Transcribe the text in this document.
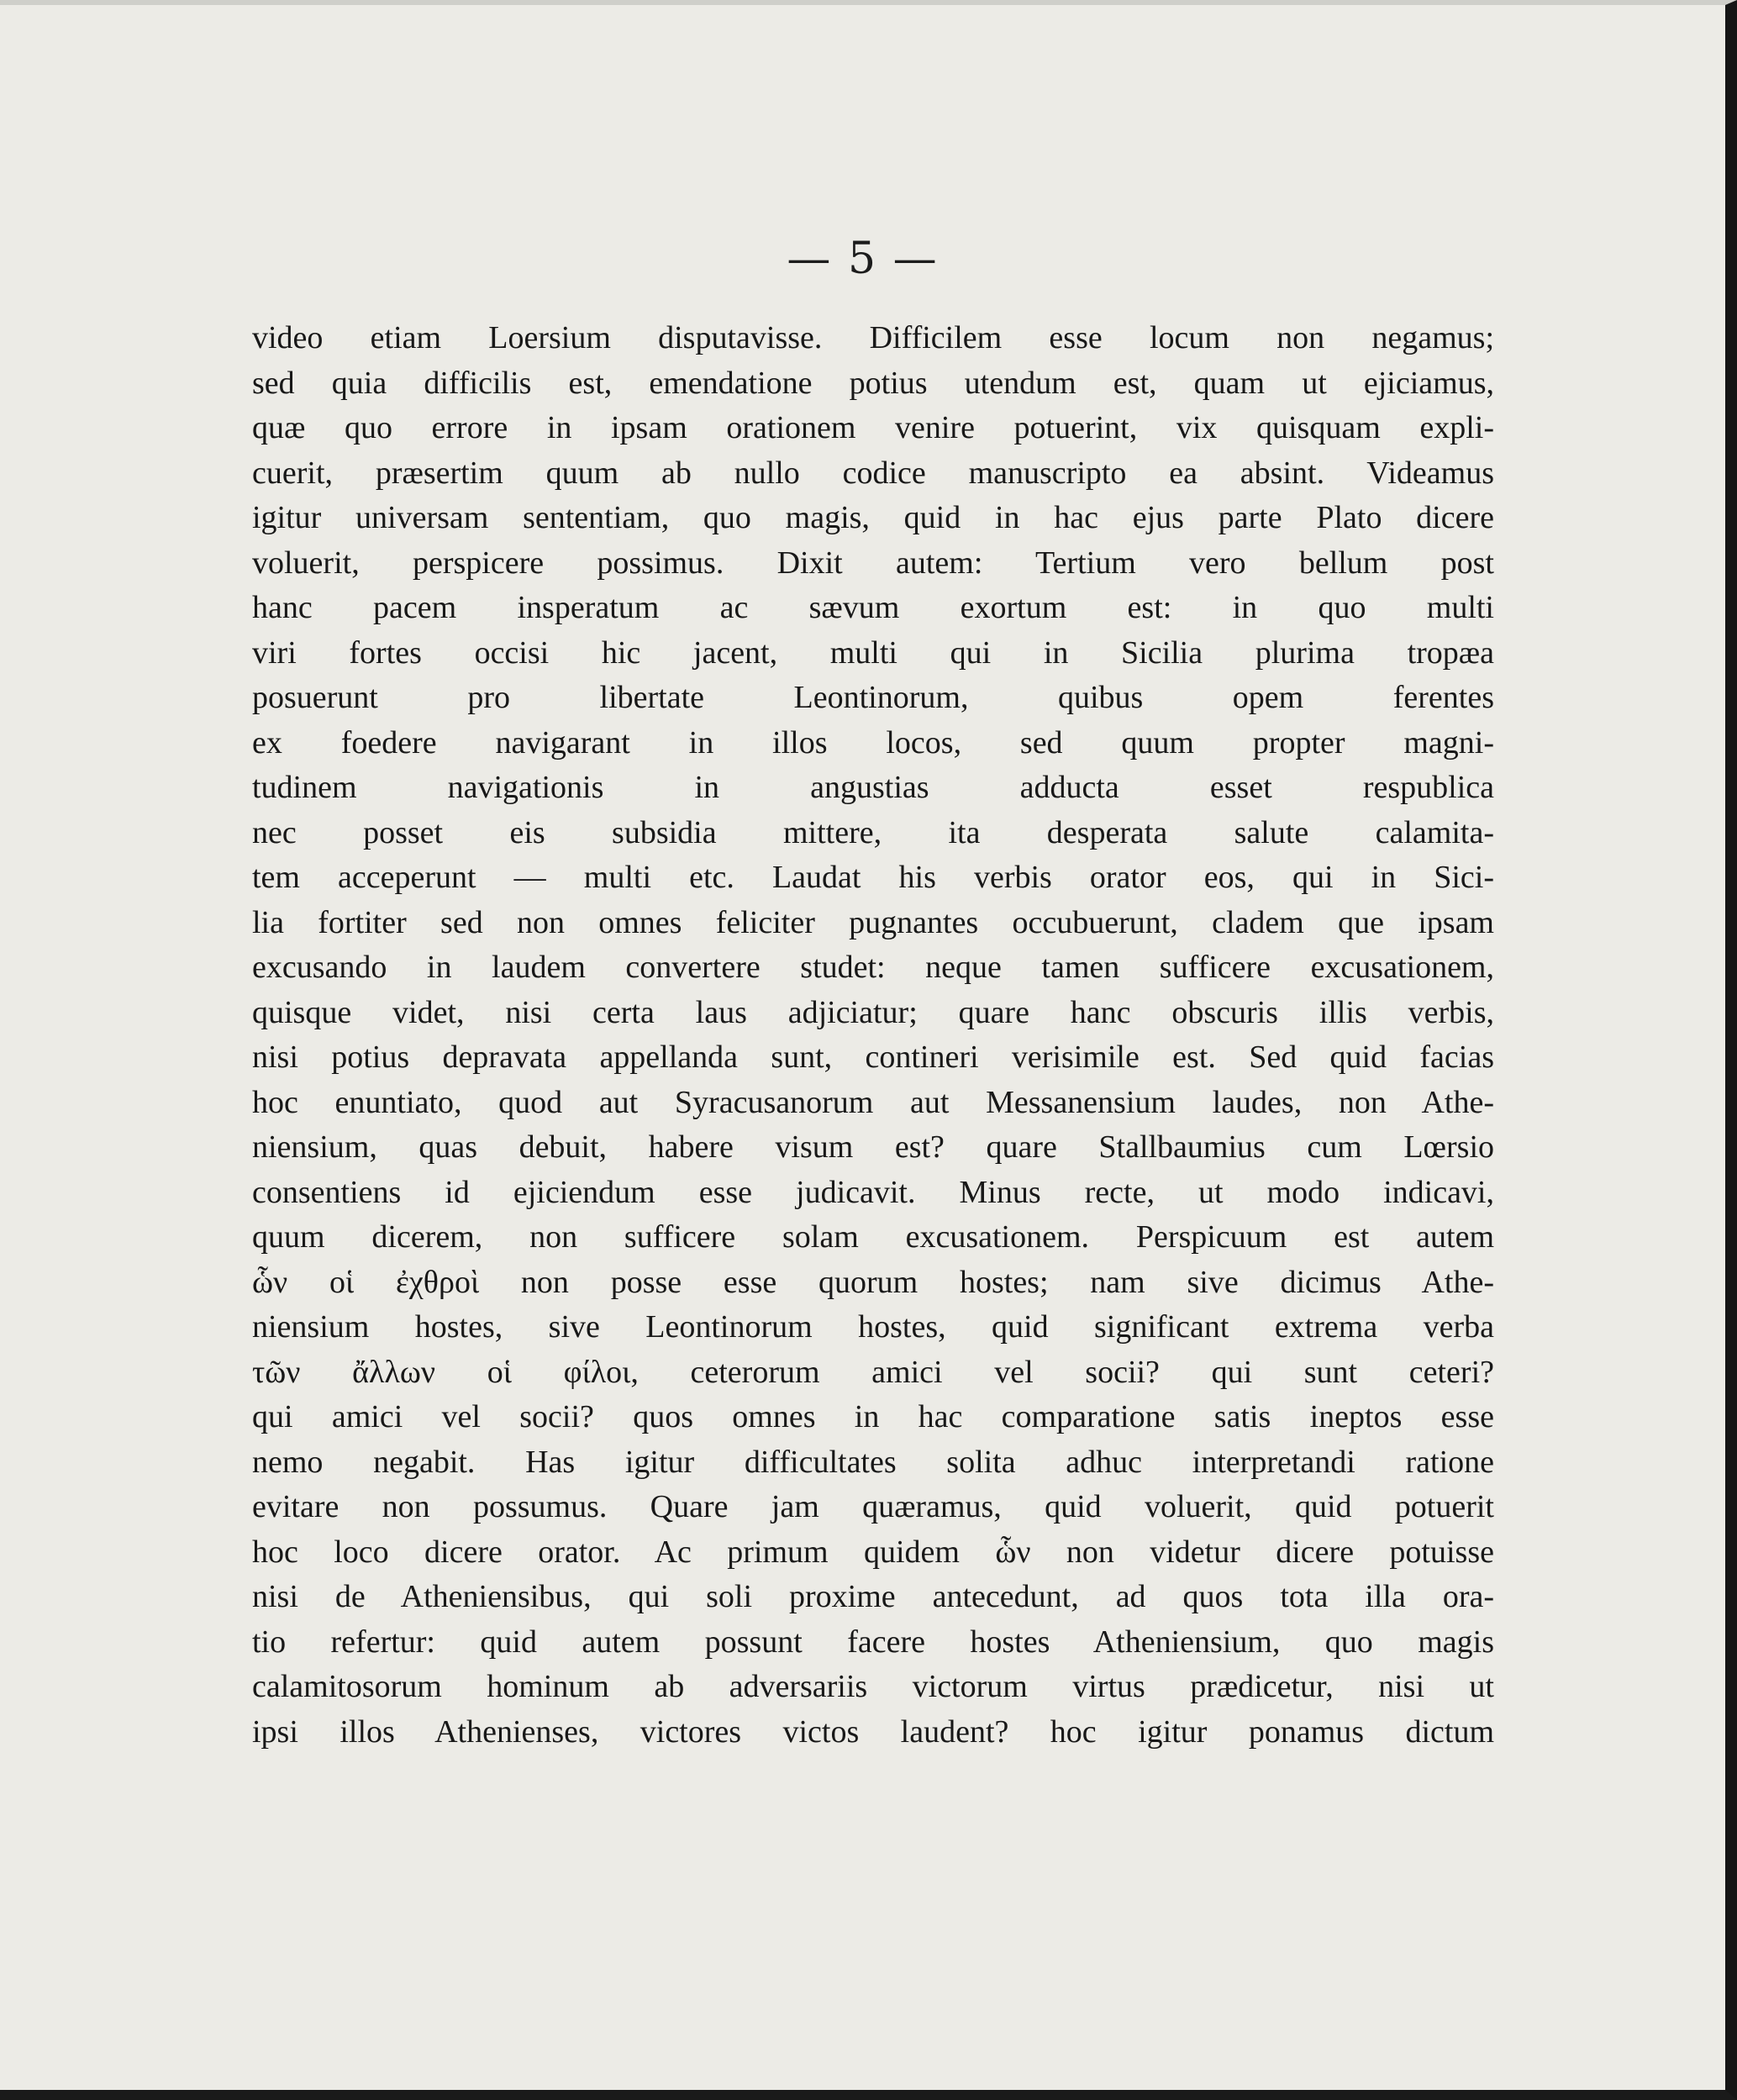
— 5 —
video etiam Loersium disputavisse. Difficilem esse locum non negamus;
sed quia difficilis est, emendatione potius utendum est, quam ut ejiciamus,
quæ quo errore in ipsam orationem venire potuerint, vix quisquam expli-
cuerit, præsertim quum ab nullo codice manuscripto ea absint. Videamus
igitur universam sententiam, quo magis, quid in hac ejus parte Plato dicere
voluerit, perspicere possimus. Dixit autem: Tertium vero bellum post
hanc pacem insperatum ac sævum exortum est: in quo multi
viri fortes occisi hic jacent, multi qui in Sicilia plurima tropæa
posuerunt pro libertate Leontinorum, quibus opem ferentes
ex foedere navigarant in illos locos, sed quum propter magni-
tudinem navigationis in angustias adducta esset respublica
nec posset eis subsidia mittere, ita desperata salute calamita-
tem acceperunt — multi etc. Laudat his verbis orator eos, qui in Sici-
lia fortiter sed non omnes feliciter pugnantes occubuerunt, cladem que ipsam
excusando in laudem convertere studet: neque tamen sufficere excusationem,
quisque videt, nisi certa laus adjiciatur; quare hanc obscuris illis verbis,
nisi potius depravata appellanda sunt, contineri verisimile est. Sed quid facias
hoc enuntiato, quod aut Syracusanorum aut Messanensium laudes, non Athe-
niensium, quas debuit, habere visum est? quare Stallbaumius cum Lœrsio
consentiens id ejiciendum esse judicavit. Minus recte, ut modo indicavi,
quum dicerem, non sufficere solam excusationem. Perspicuum est autem
ὧν οἱ ἐχθροὶ non posse esse quorum hostes; nam sive dicimus Athe-
niensium hostes, sive Leontinorum hostes, quid significant extrema verba
τῶν ἄλλων οἱ φίλοι, ceterorum amici vel socii? qui sunt ceteri?
qui amici vel socii? quos omnes in hac comparatione satis ineptos esse
nemo negabit. Has igitur difficultates solita adhuc interpretandi ratione
evitare non possumus. Quare jam quæramus, quid voluerit, quid potuerit
hoc loco dicere orator. Ac primum quidem ὧν non videtur dicere potuisse
nisi de Atheniensibus, qui soli proxime antecedunt, ad quos tota illa ora-
tio refertur: quid autem possunt facere hostes Atheniensium, quo magis
calamitosorum hominum ab adversariis victorum virtus prædicetur, nisi ut
ipsi illos Athenienses, victores victos laudent? hoc igitur ponamus dictum
